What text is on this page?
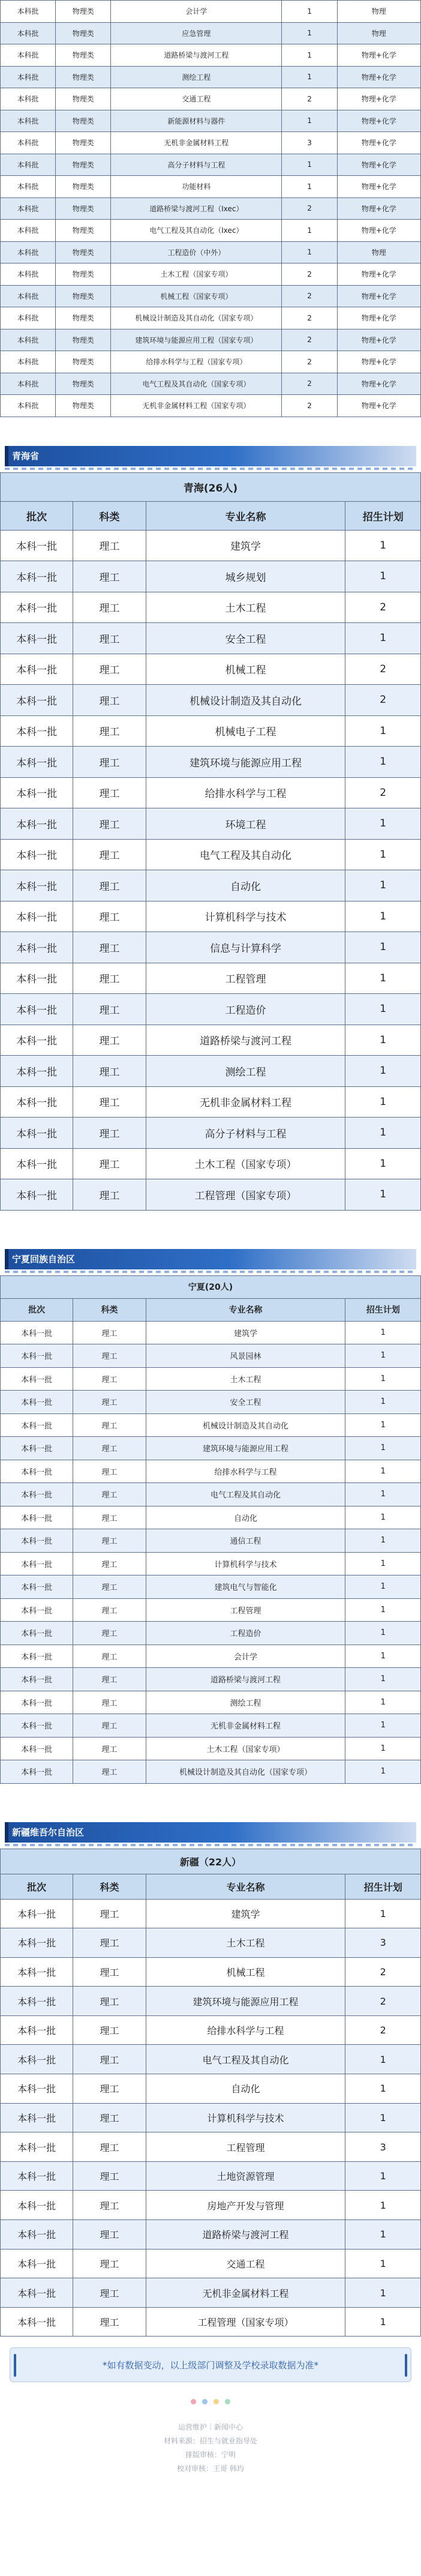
本科批	物理类	会计学	1	物理
本科批	物理类	应急管理	1	物理
本科批	物理类	道路桥梁与渡河工程	1	物理+化学
本科批	物理类	测绘工程	1	物理+化学
本科批	物理类	交通工程	2	物理+化学
本科批	物理类	新能源材料与器件	1	物理+化学
本科批	物理类	无机非金属材料工程	3	物理+化学
本科批	物理类	高分子材料与工程	1	物理+化学
本科批	物理类	功能材料	1	物理+化学
本科批	物理类	道路桥梁与渡河工程（Ixec）	2	物理+化学
本科批	物理类	电气工程及其自动化（Ixec）	1	物理+化学
本科批	物理类	工程造价（中外）	1	物理
本科批	物理类	土木工程（国家专项）	2	物理+化学
本科批	物理类	机械工程（国家专项）	2	物理+化学
本科批	物理类	机械设计制造及其自动化（国家专项）	2	物理+化学
本科批	物理类	建筑环境与能源应用工程（国家专项）	2	物理+化学
本科批	物理类	给排水科学与工程（国家专项）	2	物理+化学
本科批	物理类	电气工程及其自动化（国家专项）	2	物理+化学
本科批	物理类	无机非金属材料工程（国家专项）	2	物理+化学
青海省
青海(26人)			
批次	科类	专业名称	招生计划
本科一批	理工	建筑学	1
本科一批	理工	城乡规划	1
本科一批	理工	土木工程	2
本科一批	理工	安全工程	1
本科一批	理工	机械工程	2
本科一批	理工	机械设计制造及其自动化	2
本科一批	理工	机械电子工程	1
本科一批	理工	建筑环境与能源应用工程	1
本科一批	理工	给排水科学与工程	2
本科一批	理工	环境工程	1
本科一批	理工	电气工程及其自动化	1
本科一批	理工	自动化	1
本科一批	理工	计算机科学与技术	1
本科一批	理工	信息与计算科学	1
本科一批	理工	工程管理	1
本科一批	理工	工程造价	1
本科一批	理工	道路桥梁与渡河工程	1
本科一批	理工	测绘工程	1
本科一批	理工	无机非金属材料工程	1
本科一批	理工	高分子材料与工程	1
本科一批	理工	土木工程（国家专项）	1
本科一批	理工	工程管理（国家专项）	1
宁夏回族自治区
宁夏(20人)			
批次	科类	专业名称	招生计划
本科一批	理工	建筑学	1
本科一批	理工	风景园林	1
本科一批	理工	土木工程	1
本科一批	理工	安全工程	1
本科一批	理工	机械设计制造及其自动化	1
本科一批	理工	建筑环境与能源应用工程	1
本科一批	理工	给排水科学与工程	1
本科一批	理工	电气工程及其自动化	1
本科一批	理工	自动化	1
本科一批	理工	通信工程	1
本科一批	理工	计算机科学与技术	1
本科一批	理工	建筑电气与智能化	1
本科一批	理工	工程管理	1
本科一批	理工	工程造价	1
本科一批	理工	会计学	1
本科一批	理工	道路桥梁与渡河工程	1
本科一批	理工	测绘工程	1
本科一批	理工	无机非金属材料工程	1
本科一批	理工	土木工程（国家专项）	1
本科一批	理工	机械设计制造及其自动化（国家专项）	1
新疆维吾尔自治区
新疆（22人）			
批次	科类	专业名称	招生计划
本科一批	理工	建筑学	1
本科一批	理工	土木工程	3
本科一批	理工	机械工程	2
本科一批	理工	建筑环境与能源应用工程	2
本科一批	理工	给排水科学与工程	2
本科一批	理工	电气工程及其自动化	1
本科一批	理工	自动化	1
本科一批	理工	计算机科学与技术	1
本科一批	理工	工程管理	3
本科一批	理工	土地资源管理	1
本科一批	理工	房地产开发与管理	1
本科一批	理工	道路桥梁与渡河工程	1
本科一批	理工	交通工程	1
本科一批	理工	无机非金属材料工程	1
本科一批	理工	工程管理（国家专项）	1
*如有数据变动，以上级部门调整及学校录取数据为准*
运营维护｜新闻中心
材料来源：招生与就业指导处
排版审核：宁明
校对审核：王哥 韩玙
